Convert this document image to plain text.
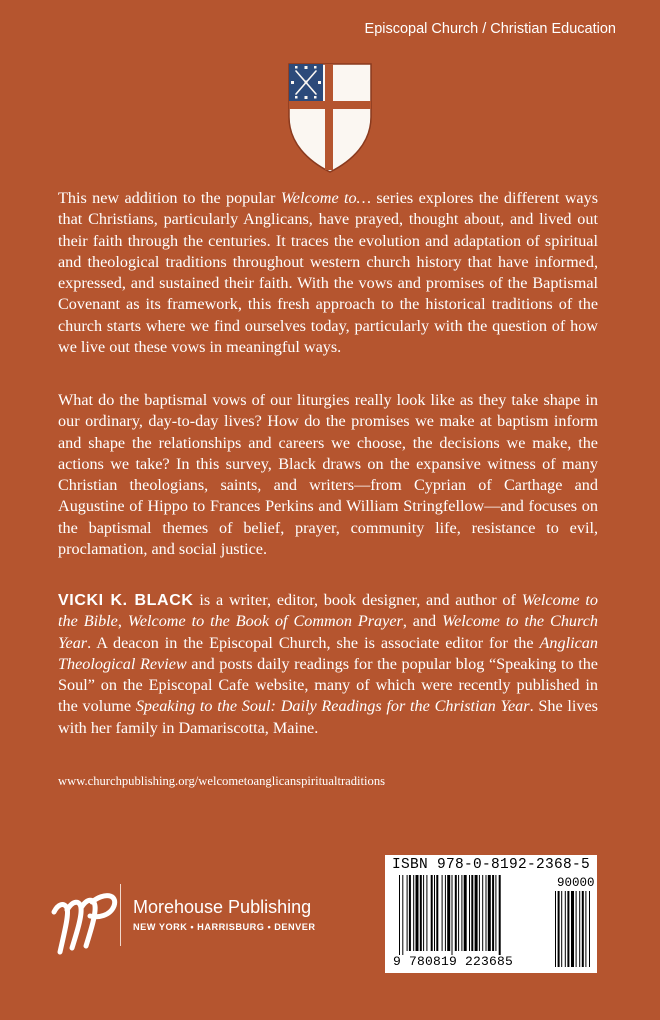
Episcopal Church / Christian Education

This new addition to the popular Welcome to… series explores the different ways that Christians, particularly Anglicans, have prayed, thought about, and lived out their faith through the centuries. It traces the evolution and adaptation of spiritual and theological traditions throughout western church history that have informed, expressed, and sustained their faith. With the vows and promises of the Baptismal Covenant as its framework, this fresh approach to the historical traditions of the church starts where we find ourselves today, particularly with the question of how we live out these vows in meaningful ways.

What do the baptismal vows of our liturgies really look like as they take shape in our ordinary, day-to-day lives? How do the promises we make at baptism inform and shape the relationships and careers we choose, the decisions we make, the actions we take? In this survey, Black draws on the expansive witness of many Christian theologians, saints, and writers—from Cyprian of Carthage and Augustine of Hippo to Frances Perkins and William Stringfellow—and focuses on the baptismal themes of belief, prayer, community life, resistance to evil, proclamation, and social justice.

VICKI K. BLACK is a writer, editor, book designer, and author of Welcome to the Bible, Welcome to the Book of Common Prayer, and Welcome to the Church Year. A deacon in the Episcopal Church, she is associate editor for the Anglican Theological Review and posts daily readings for the popular blog “Speaking to the Soul” on the Episcopal Cafe website, many of which were recently published in the volume Speaking to the Soul: Daily Readings for the Christian Year. She lives with her family in Damariscotta, Maine.

www.churchpublishing.org/welcometoanglicanspiritualtraditions
Morehouse Publishing
NEW YORK • HARRISBURG • DENVER
ISBN 978-0-8192-2368-5
90000
9 780819 223685
